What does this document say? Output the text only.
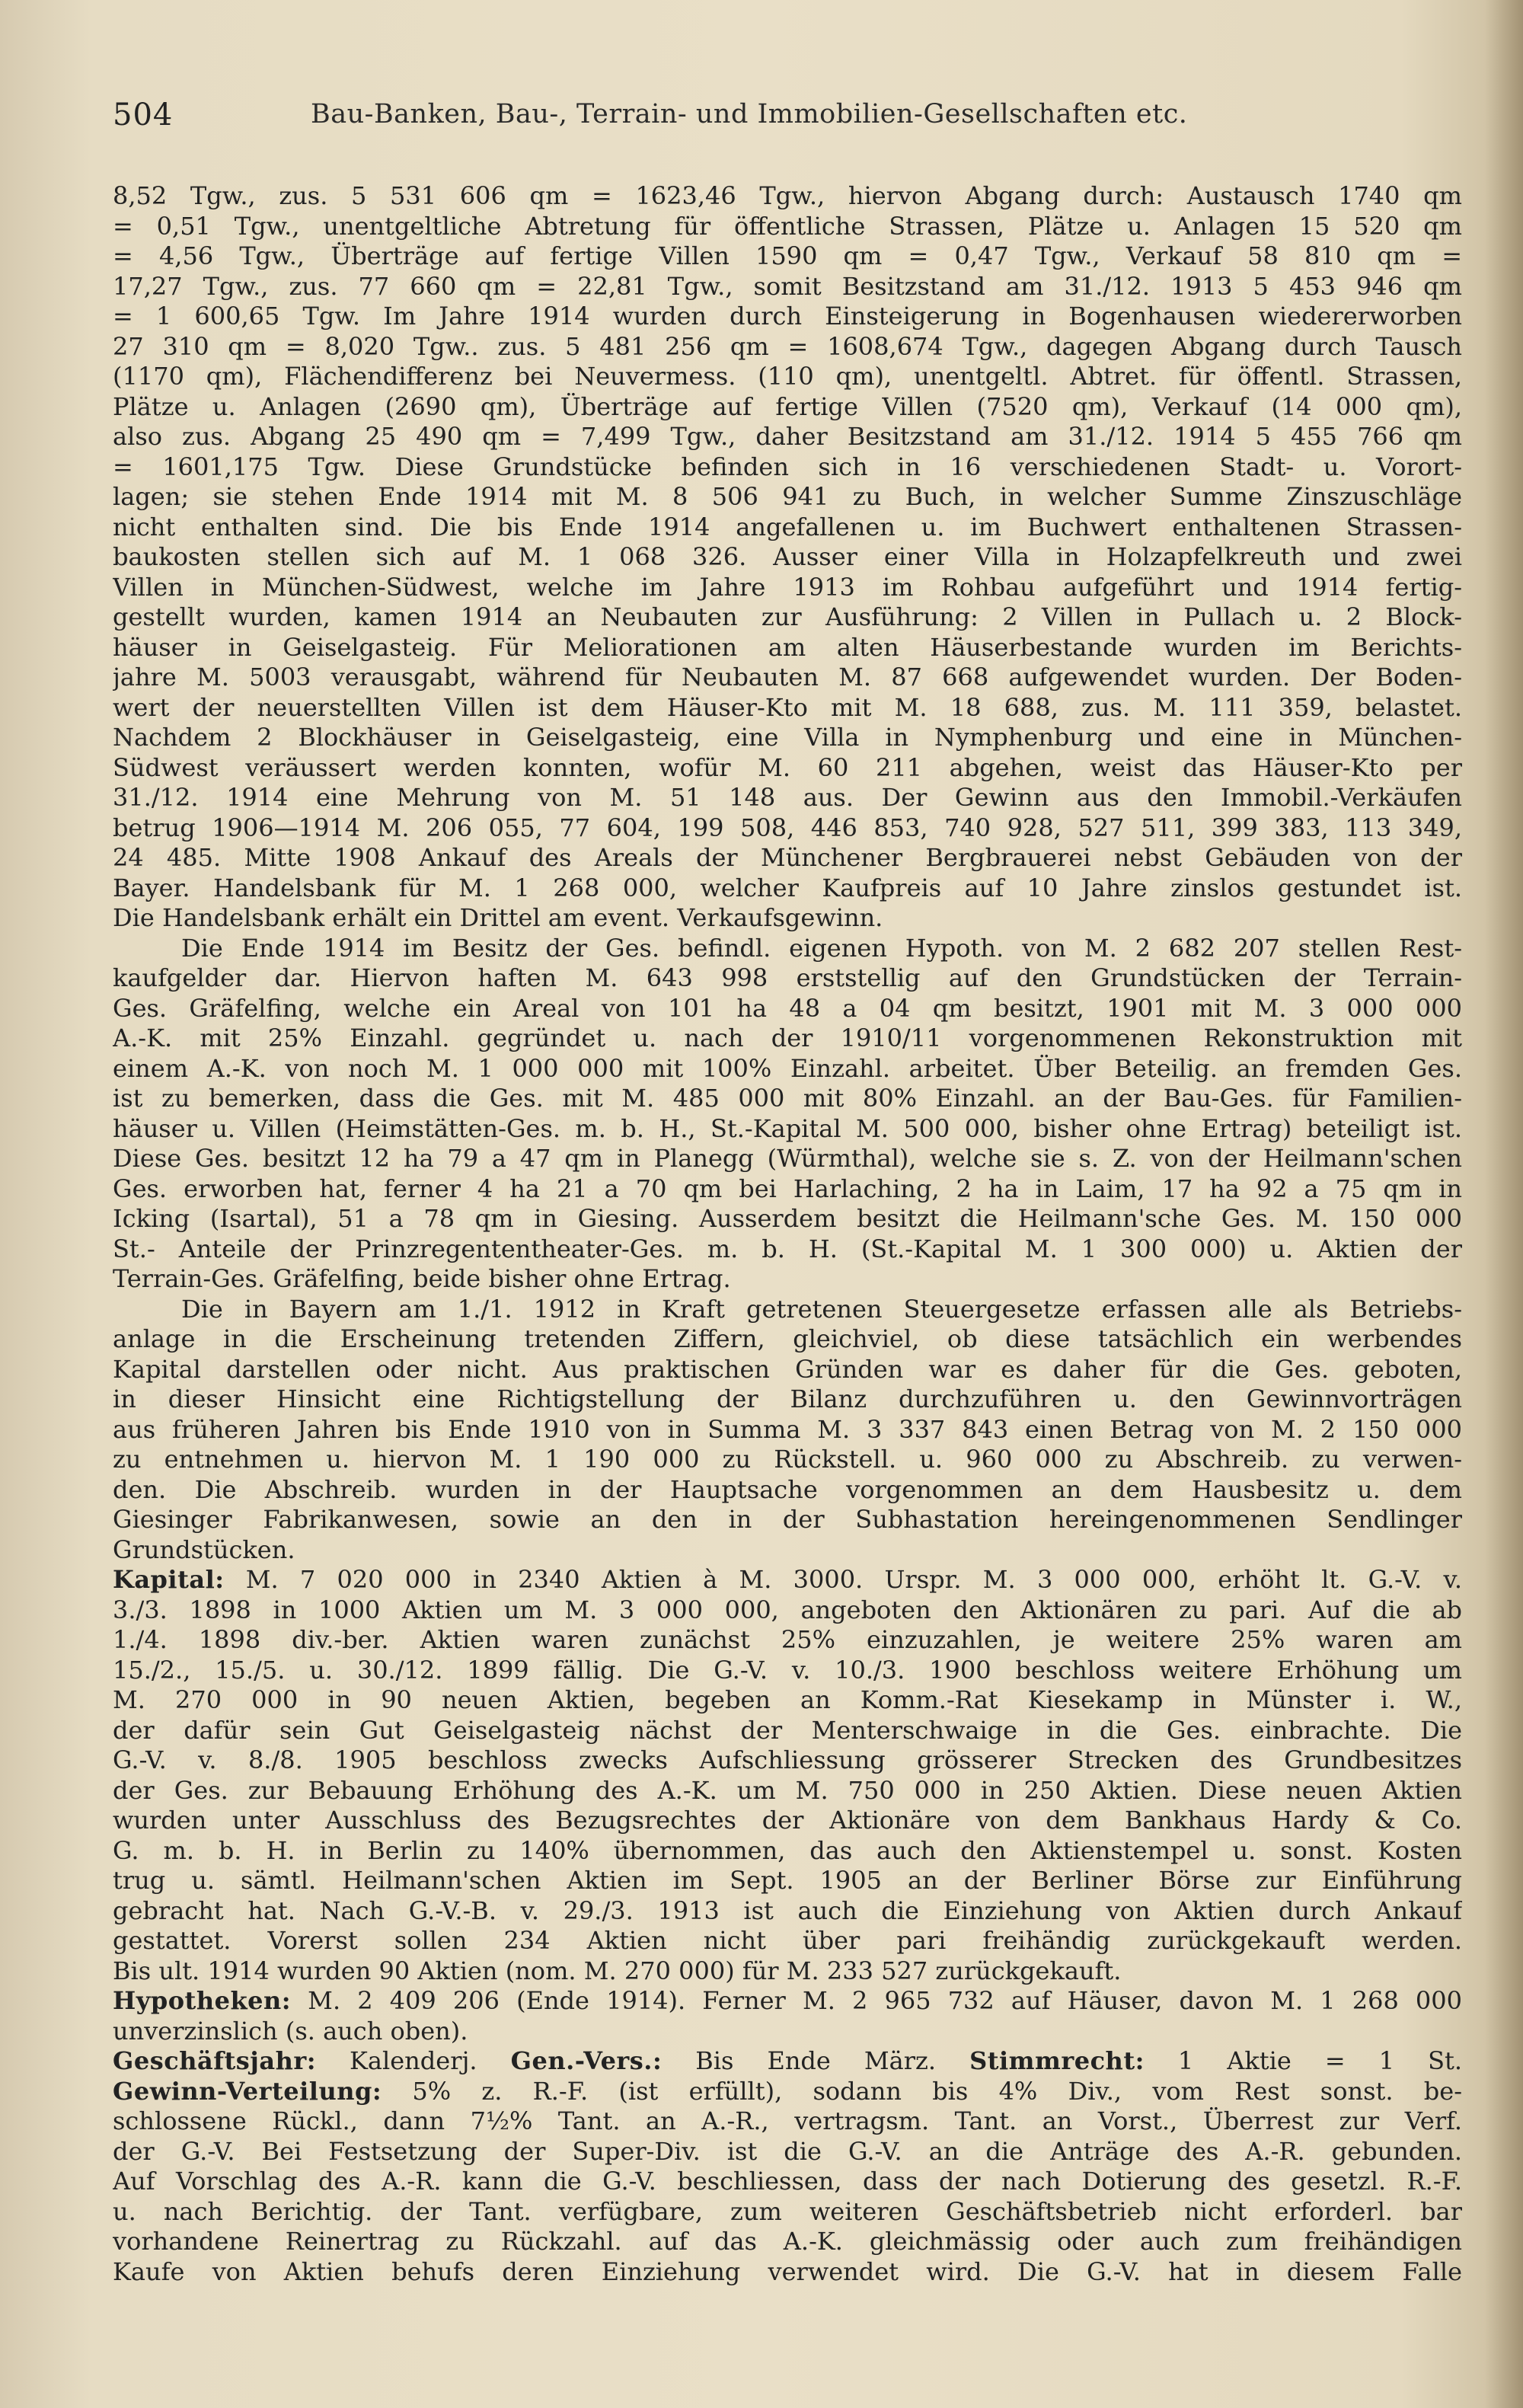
504	Bau-Banken, Bau-, Terrain- und Immobilien-Gesellschaften etc.
8,52 Tgw., zus. 5 531 606 qm = 1623,46 Tgw., hiervon Abgang durch: Austausch 1740 qm
= 0,51 Tgw., unentgeltliche Abtretung für öffentliche Strassen, Plätze u. Anlagen 15 520 qm
= 4,56 Tgw., Überträge auf fertige Villen 1590 qm = 0,47 Tgw., Verkauf 58 810 qm =
17,27 Tgw., zus. 77 660 qm = 22,81 Tgw., somit Besitzstand am 31./12. 1913 5 453 946 qm
= 1 600,65 Tgw. Im Jahre 1914 wurden durch Einsteigerung in Bogenhausen wiedererworben
27 310 qm = 8,020 Tgw.. zus. 5 481 256 qm = 1608,674 Tgw., dagegen Abgang durch Tausch
(1170 qm), Flächendifferenz bei Neuvermess. (110 qm), unentgeltl. Abtret. für öffentl. Strassen,
Plätze u. Anlagen (2690 qm), Überträge auf fertige Villen (7520 qm), Verkauf (14 000 qm),
also zus. Abgang 25 490 qm = 7,499 Tgw., daher Besitzstand am 31./12. 1914 5 455 766 qm
= 1601,175 Tgw. Diese Grundstücke befinden sich in 16 verschiedenen Stadt- u. Vorort-
lagen; sie stehen Ende 1914 mit M. 8 506 941 zu Buch, in welcher Summe Zinszuschläge
nicht enthalten sind. Die bis Ende 1914 angefallenen u. im Buchwert enthaltenen Strassen-
baukosten stellen sich auf M. 1 068 326. Ausser einer Villa in Holzapfelkreuth und zwei
Villen in München-Südwest, welche im Jahre 1913 im Rohbau aufgeführt und 1914 fertig-
gestellt wurden, kamen 1914 an Neubauten zur Ausführung: 2 Villen in Pullach u. 2 Block-
häuser in Geiselgasteig. Für Meliorationen am alten Häuserbestande wurden im Berichts-
jahre M. 5003 verausgabt, während für Neubauten M. 87 668 aufgewendet wurden. Der Boden-
wert der neuerstellten Villen ist dem Häuser-Kto mit M. 18 688, zus. M. 111 359, belastet.
Nachdem 2 Blockhäuser in Geiselgasteig, eine Villa in Nymphenburg und eine in München-
Südwest veräussert werden konnten, wofür M. 60 211 abgehen, weist das Häuser-Kto per
31./12. 1914 eine Mehrung von M. 51 148 aus. Der Gewinn aus den Immobil.-Verkäufen
betrug 1906—1914 M. 206 055, 77 604, 199 508, 446 853, 740 928, 527 511, 399 383, 113 349,
24 485. Mitte 1908 Ankauf des Areals der Münchener Bergbrauerei nebst Gebäuden von der
Bayer. Handelsbank für M. 1 268 000, welcher Kaufpreis auf 10 Jahre zinslos gestundet ist.
Die Handelsbank erhält ein Drittel am event. Verkaufsgewinn.
Die Ende 1914 im Besitz der Ges. befindl. eigenen Hypoth. von M. 2 682 207 stellen Rest-
kaufgelder dar. Hiervon haften M. 643 998 erststellig auf den Grundstücken der Terrain-
Ges. Gräfelfing, welche ein Areal von 101 ha 48 a 04 qm besitzt, 1901 mit M. 3 000 000
A.-K. mit 25% Einzahl. gegründet u. nach der 1910/11 vorgenommenen Rekonstruktion mit
einem A.-K. von noch M. 1 000 000 mit 100% Einzahl. arbeitet. Über Beteilig. an fremden Ges.
ist zu bemerken, dass die Ges. mit M. 485 000 mit 80% Einzahl. an der Bau-Ges. für Familien-
häuser u. Villen (Heimstätten-Ges. m. b. H., St.-Kapital M. 500 000, bisher ohne Ertrag) beteiligt ist.
Diese Ges. besitzt 12 ha 79 a 47 qm in Planegg (Würmthal), welche sie s. Z. von der Heilmann'schen
Ges. erworben hat, ferner 4 ha 21 a 70 qm bei Harlaching, 2 ha in Laim, 17 ha 92 a 75 qm in
Icking (Isartal), 51 a 78 qm in Giesing. Ausserdem besitzt die Heilmann'sche Ges. M. 150 000
St.- Anteile der Prinzregententheater-Ges. m. b. H. (St.-Kapital M. 1 300 000) u. Aktien der
Terrain-Ges. Gräfelfing, beide bisher ohne Ertrag.
Die in Bayern am 1./1. 1912 in Kraft getretenen Steuergesetze erfassen alle als Betriebs-
anlage in die Erscheinung tretenden Ziffern, gleichviel, ob diese tatsächlich ein werbendes
Kapital darstellen oder nicht. Aus praktischen Gründen war es daher für die Ges. geboten,
in dieser Hinsicht eine Richtigstellung der Bilanz durchzuführen u. den Gewinnvorträgen
aus früheren Jahren bis Ende 1910 von in Summa M. 3 337 843 einen Betrag von M. 2 150 000
zu entnehmen u. hiervon M. 1 190 000 zu Rückstell. u. 960 000 zu Abschreib. zu verwen-
den. Die Abschreib. wurden in der Hauptsache vorgenommen an dem Hausbesitz u. dem
Giesinger Fabrikanwesen, sowie an den in der Subhastation hereingenommenen Sendlinger
Grundstücken.
Kapital: M. 7 020 000 in 2340 Aktien à M. 3000. Urspr. M. 3 000 000, erhöht lt. G.-V. v.
3./3. 1898 in 1000 Aktien um M. 3 000 000, angeboten den Aktionären zu pari. Auf die ab
1./4. 1898 div.-ber. Aktien waren zunächst 25% einzuzahlen, je weitere 25% waren am
15./2., 15./5. u. 30./12. 1899 fällig. Die G.-V. v. 10./3. 1900 beschloss weitere Erhöhung um
M. 270 000 in 90 neuen Aktien, begeben an Komm.-Rat Kiesekamp in Münster i. W.,
der dafür sein Gut Geiselgasteig nächst der Menterschwaige in die Ges. einbrachte. Die
G.-V. v. 8./8. 1905 beschloss zwecks Aufschliessung grösserer Strecken des Grundbesitzes
der Ges. zur Bebauung Erhöhung des A.-K. um M. 750 000 in 250 Aktien. Diese neuen Aktien
wurden unter Ausschluss des Bezugsrechtes der Aktionäre von dem Bankhaus Hardy & Co.
G. m. b. H. in Berlin zu 140% übernommen, das auch den Aktienstempel u. sonst. Kosten
trug u. sämtl. Heilmann'schen Aktien im Sept. 1905 an der Berliner Börse zur Einführung
gebracht hat. Nach G.-V.-B. v. 29./3. 1913 ist auch die Einziehung von Aktien durch Ankauf
gestattet. Vorerst sollen 234 Aktien nicht über pari freihändig zurückgekauft werden.
Bis ult. 1914 wurden 90 Aktien (nom. M. 270 000) für M. 233 527 zurückgekauft.
Hypotheken: M. 2 409 206 (Ende 1914). Ferner M. 2 965 732 auf Häuser, davon M. 1 268 000
unverzinslich (s. auch oben).
Geschäftsjahr: Kalenderj. Gen.-Vers.: Bis Ende März. Stimmrecht: 1 Aktie = 1 St.
Gewinn-Verteilung: 5% z. R.-F. (ist erfüllt), sodann bis 4% Div., vom Rest sonst. be-
schlossene Rückl., dann 7½% Tant. an A.-R., vertragsm. Tant. an Vorst., Überrest zur Verf.
der G.-V. Bei Festsetzung der Super-Div. ist die G.-V. an die Anträge des A.-R. gebunden.
Auf Vorschlag des A.-R. kann die G.-V. beschliessen, dass der nach Dotierung des gesetzl. R.-F.
u. nach Berichtig. der Tant. verfügbare, zum weiteren Geschäftsbetrieb nicht erforderl. bar
vorhandene Reinertrag zu Rückzahl. auf das A.-K. gleichmässig oder auch zum freihändigen
Kaufe von Aktien behufs deren Einziehung verwendet wird. Die G.-V. hat in diesem Falle
